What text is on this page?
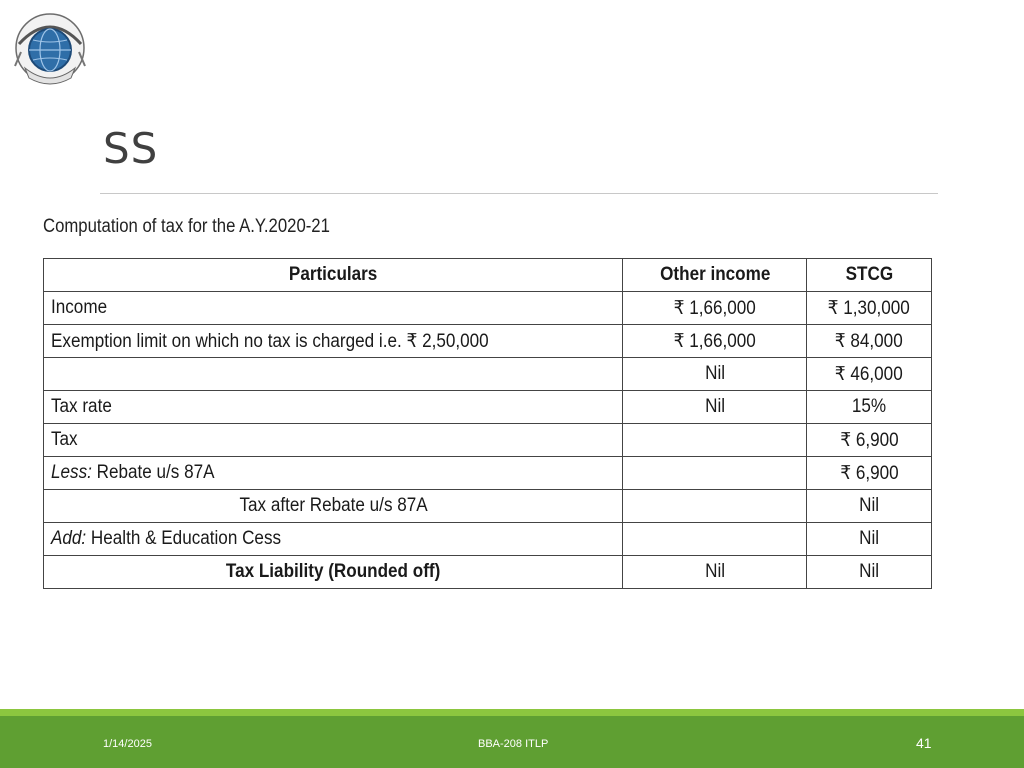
SS
Computation of tax for the A.Y.2020-21
Particulars	Other income	STCG
Income	₹ 1,66,000	₹ 1,30,000
Exemption limit on which no tax is charged i.e. ₹ 2,50,000	₹ 1,66,000	₹ 84,000
	Nil	₹ 46,000
Tax rate	Nil	15%
Tax		₹ 6,900
Less: Rebate u/s 87A		₹ 6,900
Tax after Rebate u/s 87A		Nil
Add: Health & Education Cess		Nil
Tax Liability (Rounded off)	Nil	Nil
1/14/2025	BBA-208 ITLP	41
